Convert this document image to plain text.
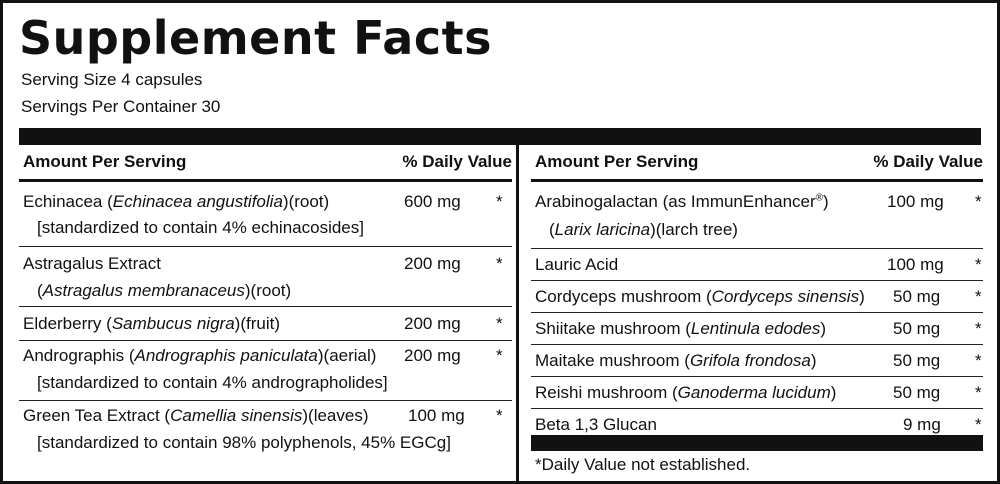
Supplement Facts
Serving Size 4 capsules
Servings Per Container 30
Amount Per Serving	% Daily Value
Echinacea (Echinacea angustifolia)(root)
[standardized to contain 4% echinacosides]
600 mg *
Astragalus Extract
(Astragalus membranaceus)(root)
200 mg *
Elderberry (Sambucus nigra)(fruit)	200 mg *
Andrographis (Andrographis paniculata)(aerial)
[standardized to contain 4% andrographolides]
200 mg *
Green Tea Extract (Camellia sinensis)(leaves)
[standardized to contain 98% polyphenols, 45% EGCg]
100 mg *
Amount Per Serving	% Daily Value
Arabinogalactan (as ImmunEnhancer®)
(Larix laricina)(larch tree)
100 mg *
Lauric Acid	100 mg *
Cordyceps mushroom (Cordyceps sinensis) 50 mg *
Shiitake mushroom (Lentinula edodes)	50 mg *
Maitake mushroom (Grifola frondosa)	50 mg *
Reishi mushroom (Ganoderma lucidum)	50 mg *
Beta 1,3 Glucan	9 mg *
*Daily Value not established.
